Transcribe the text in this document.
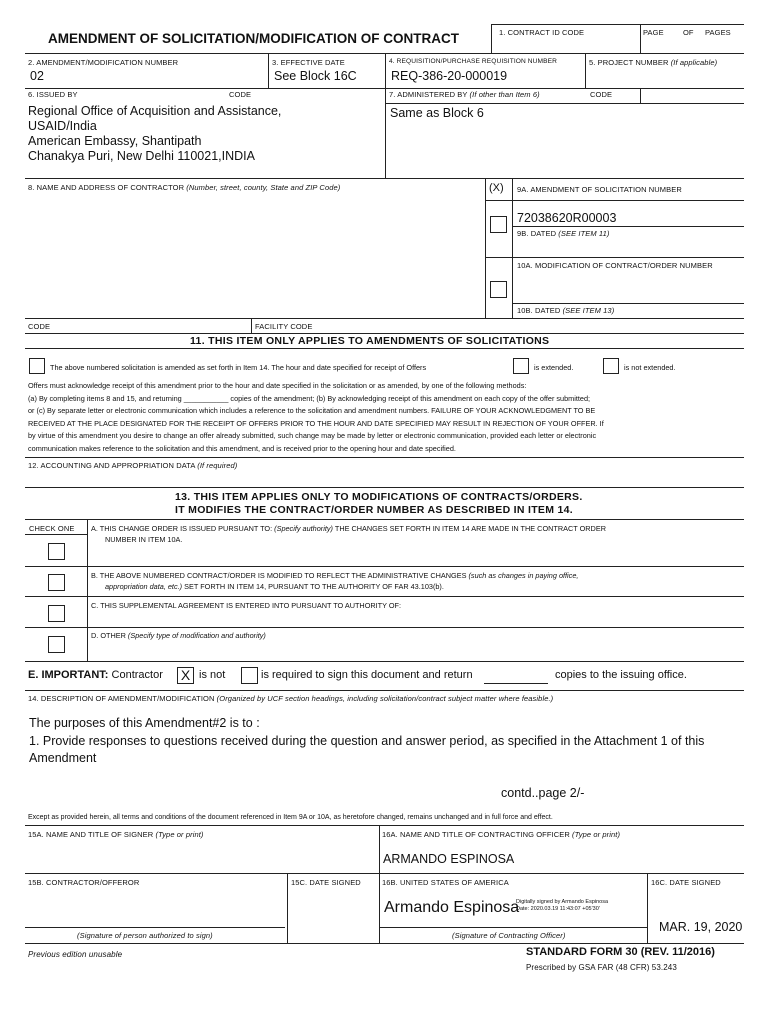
AMENDMENT OF SOLICITATION/MODIFICATION OF CONTRACT	1. CONTRACT ID CODE	PAGE	OF PAGES
2. AMENDMENT/MODIFICATION NUMBER
02
3. EFFECTIVE DATE
See Block 16C
4. REQUISITION/PURCHASE REQUISITION NUMBER
REQ-386-20-000019
5. PROJECT NUMBER (If applicable)
6. ISSUED BY	CODE
Regional Office of Acquisition and Assistance,
USAID/India
American Embassy, Shantipath
Chanakya Puri, New Delhi 110021,INDIA
7. ADMINISTERED BY (If other than Item 6)	CODE
Same as Block 6
8. NAME AND ADDRESS OF CONTRACTOR (Number, street, county, State and ZIP Code)	(X) 9A. AMENDMENT OF SOLICITATION NUMBER
72038620R00003
9B. DATED (SEE ITEM 11)
10A. MODIFICATION OF CONTRACT/ORDER NUMBER
10B. DATED (SEE ITEM 13)
CODE	FACILITY CODE
11. THIS ITEM ONLY APPLIES TO AMENDMENTS OF SOLICITATIONS
The above numbered solicitation is amended as set forth in Item 14. The hour and date specified for receipt of Offers	is extended.	is not extended.
Offers must acknowledge receipt of this amendment prior to the hour and date specified in the solicitation or as amended, by one of the following methods:
(a) By completing items 8 and 15, and returning ___________ copies of the amendment; (b) By acknowledging receipt of this amendment on each copy of the offer submitted;
or (c) By separate letter or electronic communication which includes a reference to the solicitation and amendment numbers. FAILURE OF YOUR ACKNOWLEDGMENT TO BE
RECEIVED AT THE PLACE DESIGNATED FOR THE RECEIPT OF OFFERS PRIOR TO THE HOUR AND DATE SPECIFIED MAY RESULT IN REJECTION OF YOUR OFFER. If
by virtue of this amendment you desire to change an offer already submitted, such change may be made by letter or electronic communication, provided each letter or electronic
communication makes reference to the solicitation and this amendment, and is received prior to the opening hour and date specified.
12. ACCOUNTING AND APPROPRIATION DATA (If required)
13. THIS ITEM APPLIES ONLY TO MODIFICATIONS OF CONTRACTS/ORDERS.
IT MODIFIES THE CONTRACT/ORDER NUMBER AS DESCRIBED IN ITEM 14.
CHECK ONE A. THIS CHANGE ORDER IS ISSUED PURSUANT TO: (Specify authority) THE CHANGES SET FORTH IN ITEM 14 ARE MADE IN THE CONTRACT ORDER
NUMBER IN ITEM 10A.
B. THE ABOVE NUMBERED CONTRACT/ORDER IS MODIFIED TO REFLECT THE ADMINISTRATIVE CHANGES (such as changes in paying office,
appropriation data, etc.) SET FORTH IN ITEM 14, PURSUANT TO THE AUTHORITY OF FAR 43.103(b).
C. THIS SUPPLEMENTAL AGREEMENT IS ENTERED INTO PURSUANT TO AUTHORITY OF:
D. OTHER (Specify type of modification and authority)
E. IMPORTANT: Contractor X is not	is required to sign this document and return	copies to the issuing office.
14. DESCRIPTION OF AMENDMENT/MODIFICATION (Organized by UCF section headings, including solicitation/contract subject matter where feasible.)
The purposes of this Amendment#2 is to :
1. Provide responses to questions received during the question and answer period, as specified in the Attachment 1 of this
Amendment
contd..page 2/-
Except as provided herein, all terms and conditions of the document referenced in Item 9A or 10A, as heretofore changed, remains unchanged and in full force and effect.
15A. NAME AND TITLE OF SIGNER (Type or print)	16A. NAME AND TITLE OF CONTRACTING OFFICER (Type or print)
ARMANDO ESPINOSA
15B. CONTRACTOR/OFFEROR	15C. DATE SIGNED	16B. UNITED STATES OF AMERICA	16C. DATE SIGNED
Armando Espinosa
Digitally signed by Armando Espinosa
Date: 2020.03.19 11:43:07 +05'30'
MAR. 19, 2020
(Signature of person authorized to sign)	(Signature of Contracting Officer)
Previous edition unusable	STANDARD FORM 30 (REV. 11/2016)
Prescribed by GSA FAR (48 CFR) 53.243
